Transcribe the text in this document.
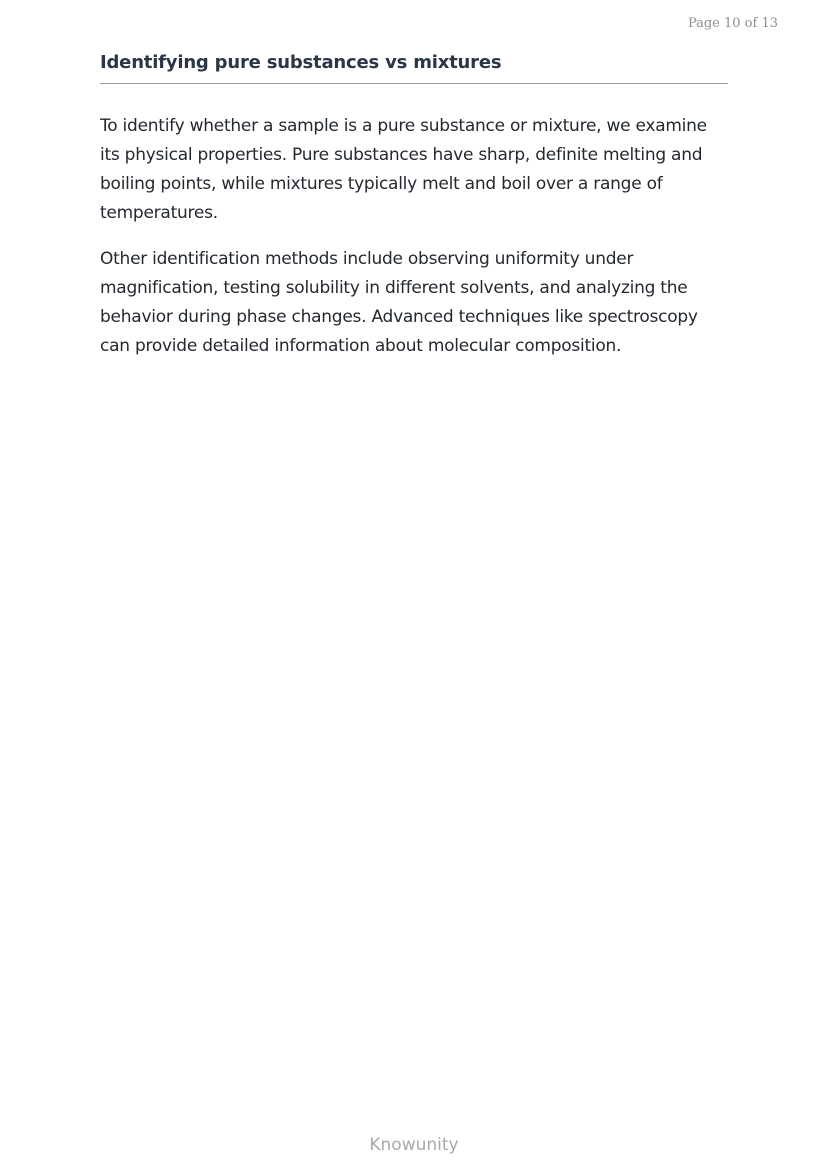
Page 10 of 13
Identifying pure substances vs mixtures

To identify whether a sample is a pure substance or mixture, we examine its physical properties. Pure substances have sharp, definite melting and boiling points, while mixtures typically melt and boil over a range of temperatures.

Other identification methods include observing uniformity under magnification, testing solubility in different solvents, and analyzing the behavior during phase changes. Advanced techniques like spectroscopy can provide detailed information about molecular composition.

Knowunity
